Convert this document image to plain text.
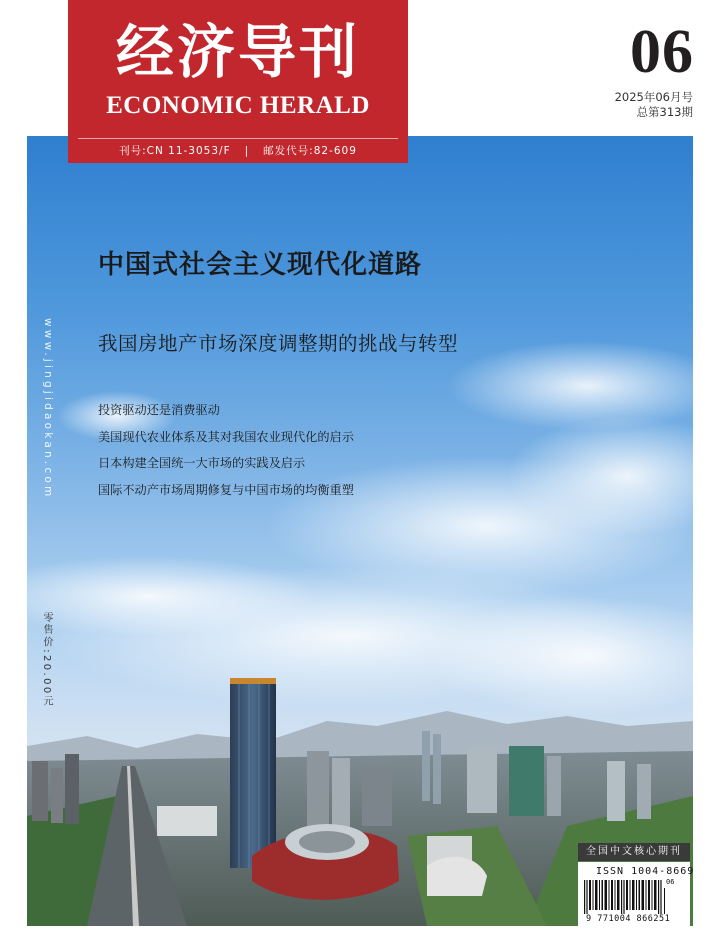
经济导刊
ECONOMIC HERALD
刊号:CN 11-3053/F | 邮发代号:82-609
06
2025年06月号
总第313期
www.jingjidaokan.com
零售价:20.00元
中国式社会主义现代化道路
我国房地产市场深度调整期的挑战与转型
投资驱动还是消费驱动
美国现代农业体系及其对我国农业现代化的启示
日本构建全国统一大市场的实践及启示
国际不动产市场周期修复与中国市场的均衡重塑
全国中文核心期刊
ISSN 1004-8669
06
9 771004 866251
